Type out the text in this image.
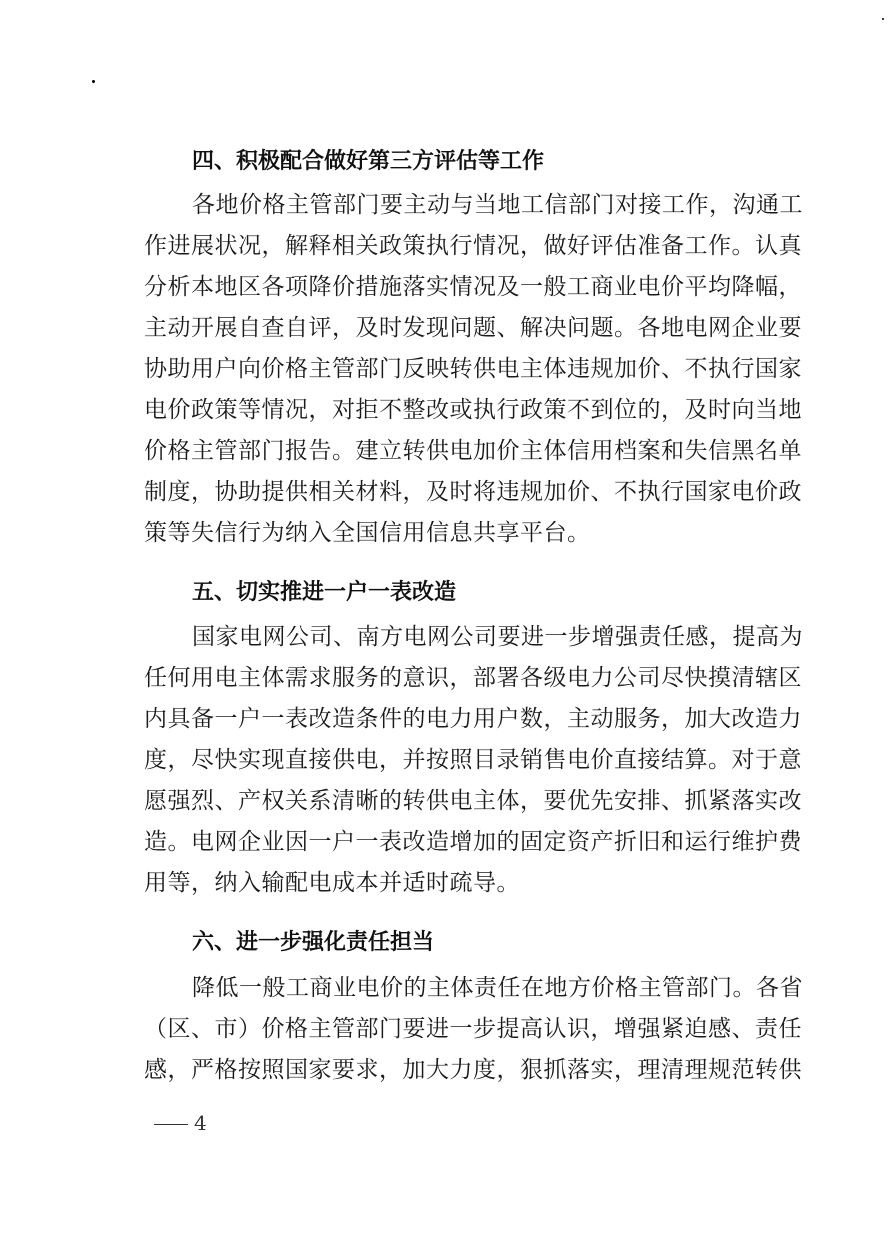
四、积极配合做好第三方评估等工作
各地价格主管部门要主动与当地工信部门对接工作，沟通工
作进展状况，解释相关政策执行情况，做好评估准备工作。认真
分析本地区各项降价措施落实情况及一般工商业电价平均降幅，
主动开展自查自评，及时发现问题、解决问题。各地电网企业要
协助用户向价格主管部门反映转供电主体违规加价、不执行国家
电价政策等情况，对拒不整改或执行政策不到位的，及时向当地
价格主管部门报告。建立转供电加价主体信用档案和失信黑名单
制度，协助提供相关材料，及时将违规加价、不执行国家电价政
策等失信行为纳入全国信用信息共享平台。
五、切实推进一户一表改造
国家电网公司、南方电网公司要进一步增强责任感，提高为
任何用电主体需求服务的意识，部署各级电力公司尽快摸清辖区
内具备一户一表改造条件的电力用户数，主动服务，加大改造力
度，尽快实现直接供电，并按照目录销售电价直接结算。对于意
愿强烈、产权关系清晰的转供电主体，要优先安排、抓紧落实改
造。电网企业因一户一表改造增加的固定资产折旧和运行维护费
用等，纳入输配电成本并适时疏导。
六、进一步强化责任担当
降低一般工商业电价的主体责任在地方价格主管部门。各省
（区、市）价格主管部门要进一步提高认识，增强紧迫感、责任
感，严格按照国家要求，加大力度，狠抓落实，理清理规范转供
4
